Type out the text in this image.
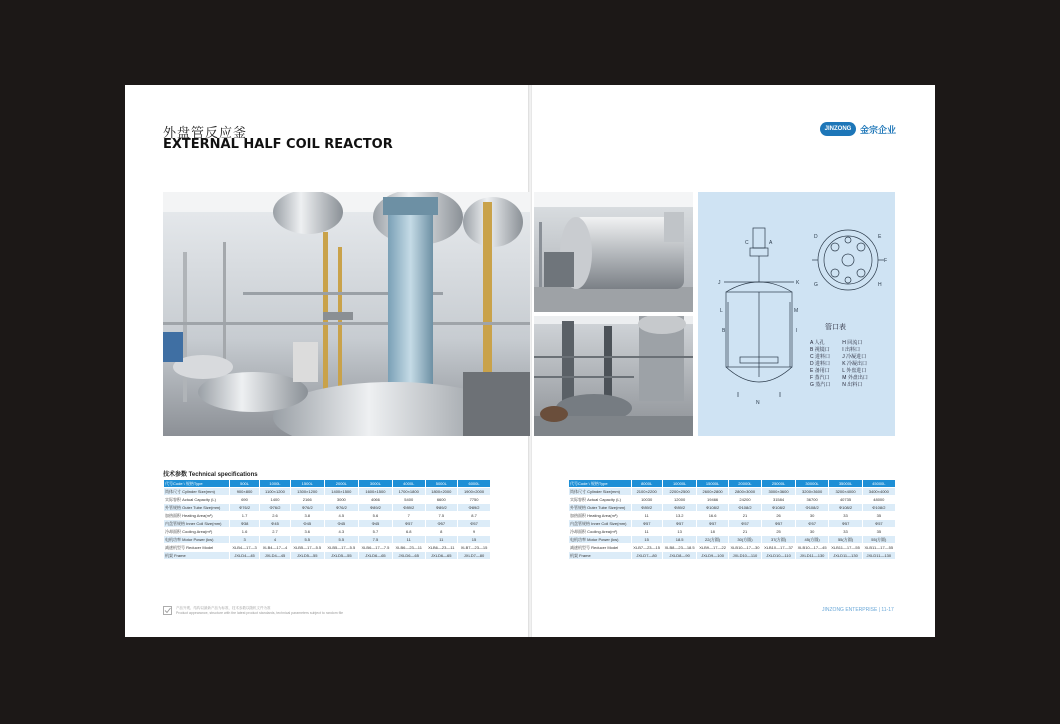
外盘管反应釜
EXTERNAL HALF COIL REACTOR
JINZONG 金宗企业
C	A
J	K
L	M
B	I
N
D	E
F
G	H
管口表
A 人孔
B 视镜口
C 进料口
D 进料口
E 备用口
F 蒸汽口
G 蒸汽口
H 回流口
I 出料口
J 冷凝进口
K 冷凝出口
L 外盘进口
M 外盘出口
N 出料口
技术参数 Technical specifications
代号Code \ 规格Type	500L	1000L	1500L	2000L	3000L	4000L	5000L	6000L
筒体尺寸 Cylinder Size(mm)	900×800	1100×1200	1300×1200	1400×1500	1600×1500	1700×1800	1800×2000	1900×2000
实际容积 Actual Capacity (L)	690	1400	2166	3000	4066	5400	6600	7750
外管规格 Outer Tube Size(mm)	Φ76/2	Φ76/2	Φ76/2	Φ76/2	Φ89/2	Φ89/2	Φ89/2	Φ89/2
加热面积 Heating Area(m²)	1.7	2.6	3.8	4.5	5.6	7	7.5	8.7
内盘管规格 Inner Coil Size(mm)	Φ38	Φ45	Φ45	Φ45	Φ45	Φ57	Φ57	Φ57
冷却面积 Cooling Area(m²)	1.6	2.7	3.6	4.3	5.7	6.8	8	9
电机功率 Motor Power (kw)	3	4	5.5	5.5	7.5	11	11	15
减速机型号 Reducer Model	XLB4—17—3	XLB4—17—4	XLB5—17—5.5	XLB5—17—5.5	XLB6—17—7.5	XLB6—23—11	XLB6—23—11	XLB7—23—15
机架 Frame	JXLD4—45	JXLD4—45	JXLD5—55	JXLD5—55	JXLD6—65	JXLD6—65	JXLD6—65	JXLD7—80
代号Code \ 规格Type	8000L	10000L	15000L	20000L	25000L	30000L	35000L	45000L
筒体尺寸 Cylinder Size(mm)	2100×2200	2200×2500	2600×2800	2800×3000	3000×3600	3200×3600	3200×4000	3400×4000
实际容积 Actual Capacity (L)	10030	12000	19466	24200	31584	36700	40735	48000
外管规格 Outer Tube Size(mm)	Φ89/2	Φ89/2	Φ108/2	Φ108/2	Φ108/2	Φ108/2	Φ108/2	Φ108/2
加热面积 Heating Area(m²)	11	13.2	16.6	21	26	30	33	35
内盘管规格 Inner Coil Size(mm)	Φ57	Φ57	Φ57	Φ57	Φ57	Φ57	Φ57	Φ57
冷却面积 Cooling Area(m²)	11	13	18	21	25	30	33	35
电机功率 Motor Power (kw)	15	18.5	22(方圆)	30(方圆)	37(方圆)	45(方圆)	55(方圆)	55(方圆)
减速机型号 Reducer Model	XLB7—23—15	XLB8—23—18.5	XLB9—17—22	XLB10—17—30	XLB10—17—37	XLB10—17—45	XLB11—17—55	XLB11—17—55
机架 Frame	JXLD7—80	JXLD8—90	JXLD9—100	JXLD10—110	JXLD10—110	JXLD11—130	JXLD11—130	JXLD11—130
产品外观、结构以最新产品为标准，技术参数以随机文件为准
Product appearance, structure with the latest product standards, technical parameters subject to random file	JINZONG ENTERPRISE | 11-17
